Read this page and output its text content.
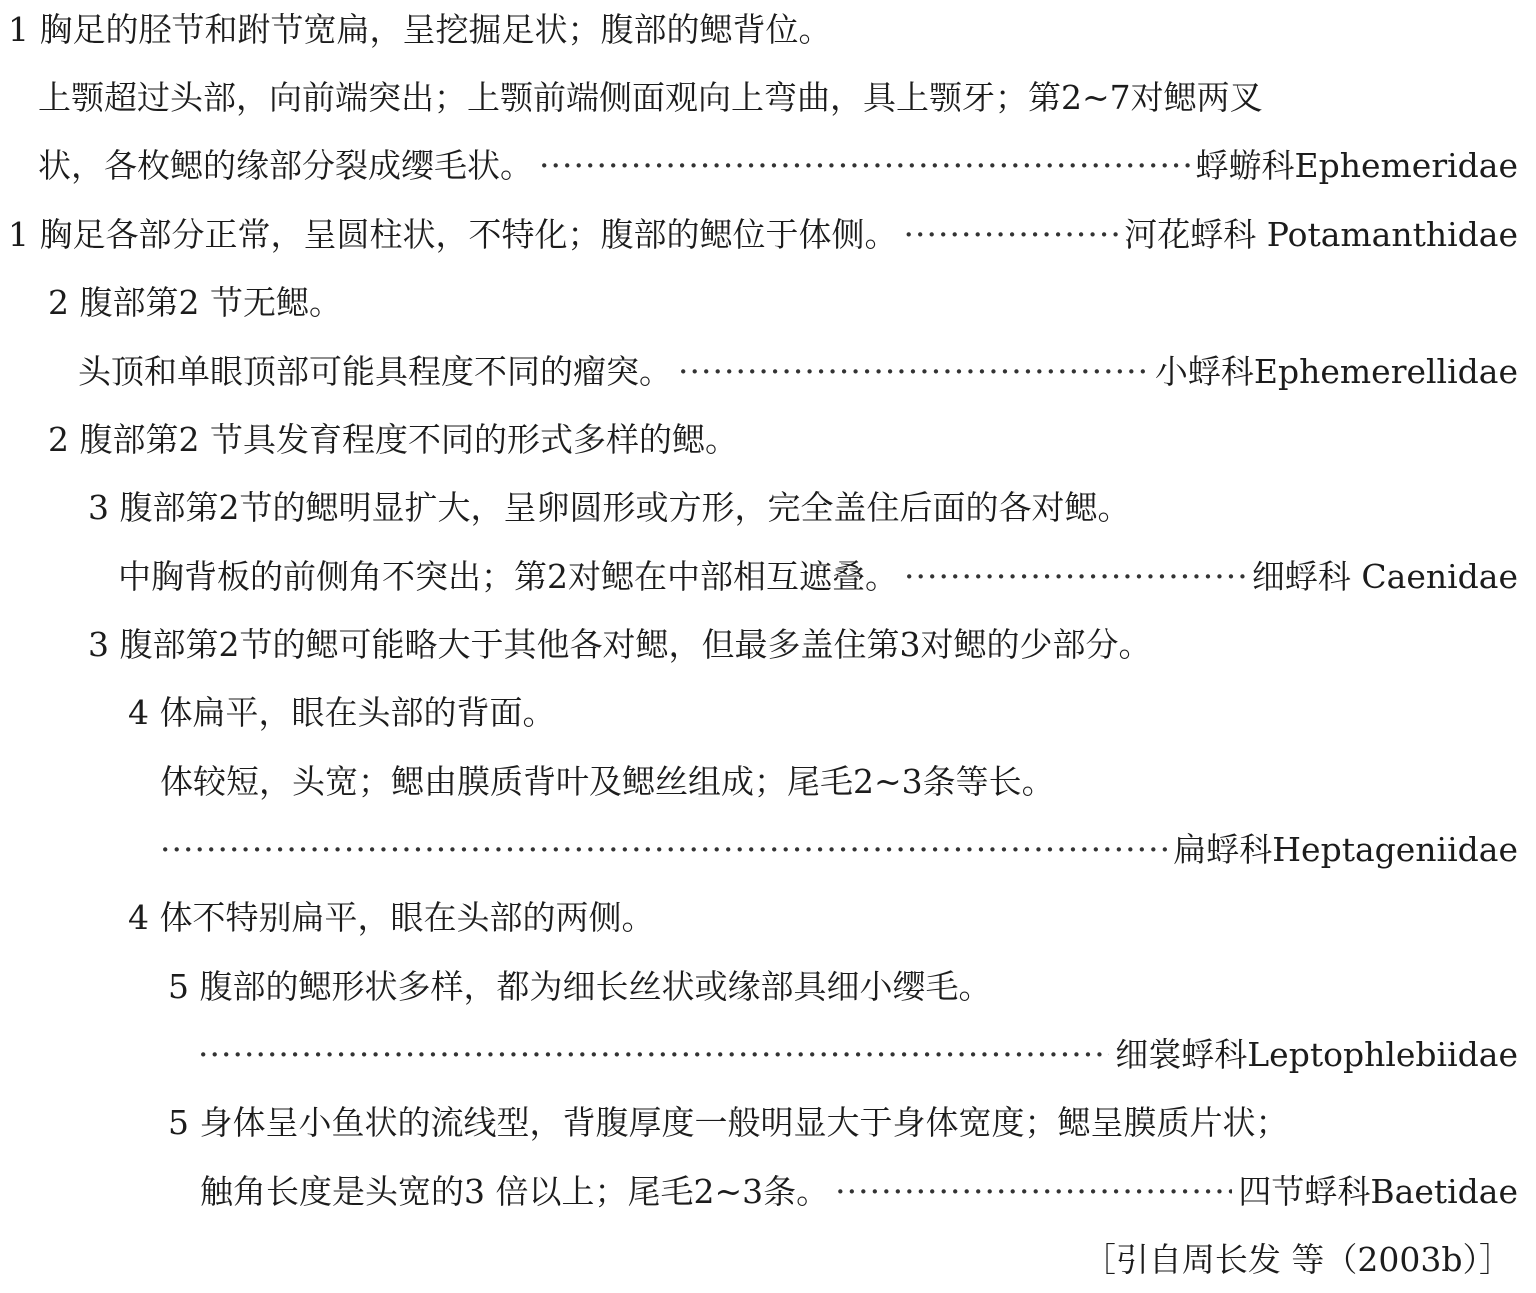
1 胸足的胫节和跗节宽扁，呈挖掘足状；腹部的鳃背位。
上颚超过头部，向前端突出；上颚前端侧面观向上弯曲，具上颚牙；第2~7对鳃两叉
状，各枚鳃的缘部分裂成缨毛状。 ·····	蜉蝣科Ephemeridae
1 胸足各部分正常，呈圆柱状，不特化；腹部的鳃位于体侧。 ·····	河花蜉科 Potamanthidae
2 腹部第2 节无鳃。
头顶和单眼顶部可能具程度不同的瘤突。 ·····	小蜉科Ephemerellidae
2 腹部第2 节具发育程度不同的形式多样的鳃。
3 腹部第2节的鳃明显扩大，呈卵圆形或方形，完全盖住后面的各对鳃。
中胸背板的前侧角不突出；第2对鳃在中部相互遮叠。 ·····	细蜉科 Caenidae
3 腹部第2节的鳃可能略大于其他各对鳃，但最多盖住第3对鳃的少部分。
4 体扁平，眼在头部的背面。
体较短，头宽；鳃由膜质背叶及鳃丝组成；尾毛2~3条等长。
·····
扁蜉科Heptageniidae
4 体不特别扁平，眼在头部的两侧。
5 腹部的鳃形状多样，都为细长丝状或缘部具细小缨毛。
·····
细裳蜉科Leptophlebiidae
5 身体呈小鱼状的流线型，背腹厚度一般明显大于身体宽度；鳃呈膜质片状；
触角长度是头宽的3 倍以上；尾毛2~3条。 ·····	四节蜉科Baetidae
［引自周长发 等（2003b）］
